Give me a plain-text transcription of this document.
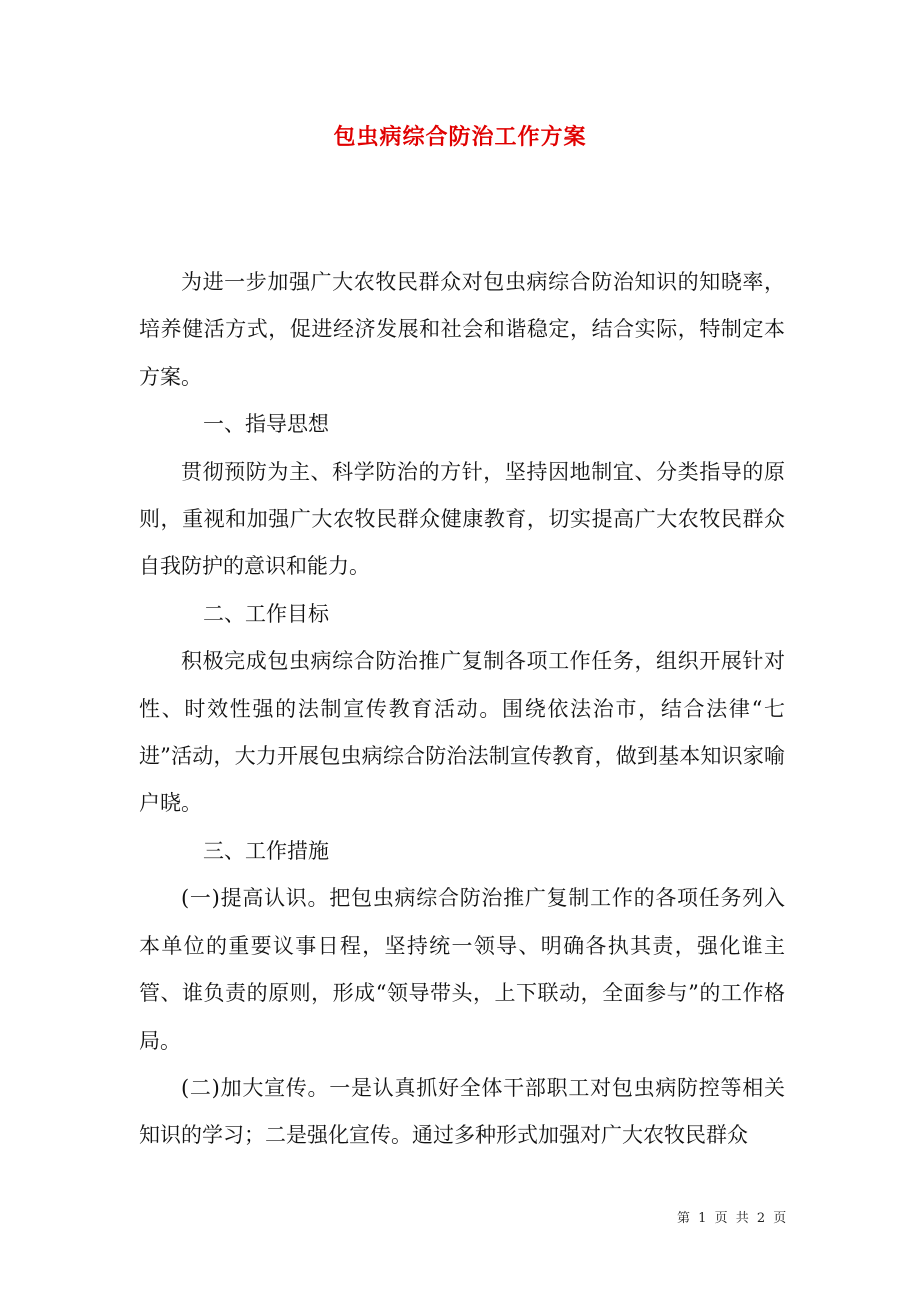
包虫病综合防治工作方案

为进一步加强广大农牧民群众对包虫病综合防治知识的知晓率，培养健活方式，促进经济发展和社会和谐稳定，结合实际，特制定本方案。

一、指导思想

贯彻预防为主、科学防治的方针，坚持因地制宜、分类指导的原则，重视和加强广大农牧民群众健康教育，切实提高广大农牧民群众自我防护的意识和能力。

二、工作目标

积极完成包虫病综合防治推广复制各项工作任务，组织开展针对性、时效性强的法制宣传教育活动。围绕依法治市，结合法律“七进”活动，大力开展包虫病综合防治法制宣传教育，做到基本知识家喻户晓。

三、工作措施

(一)提高认识。把包虫病综合防治推广复制工作的各项任务列入本单位的重要议事日程，坚持统一领导、明确各执其责，强化谁主管、谁负责的原则，形成“领导带头，上下联动，全面参与”的工作格局。

(二)加大宣传。一是认真抓好全体干部职工对包虫病防控等相关知识的学习；二是强化宣传。通过多种形式加强对广大农牧民群众

第 1 页 共 2 页
